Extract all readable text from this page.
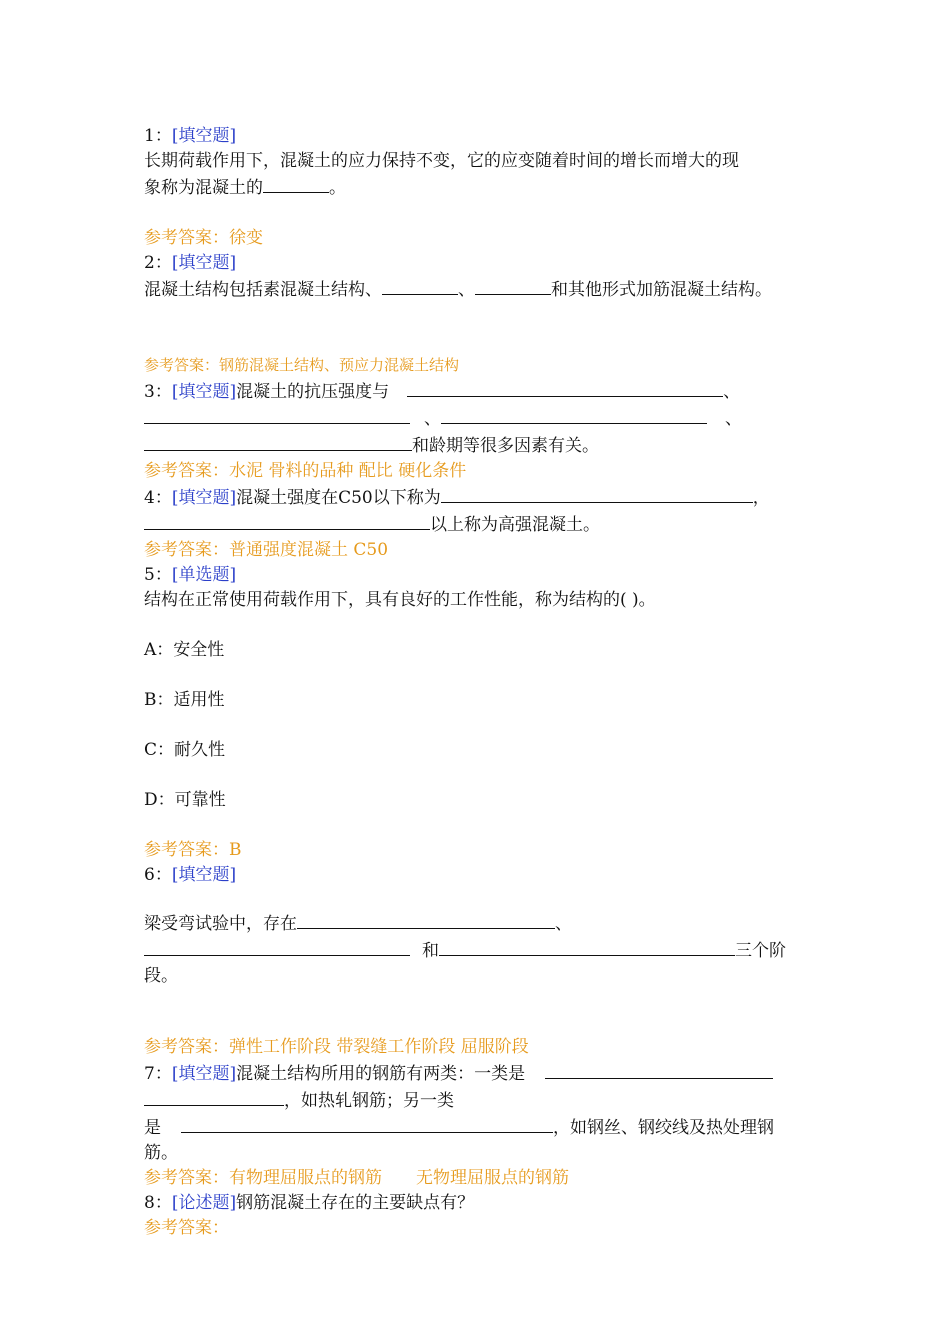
1：[填空题]
长期荷载作用下，混凝土的应力保持不变，它的应变随着时间的增长而增大的现
象称为混凝土的	。
参考答案：徐变
2：[填空题]
混凝土结构包括素混凝土结构、	、	和其他形式加筋混凝土结构。
参考答案：钢筋混凝土结构、预应力混凝土结构
3：[填空题]混凝土的抗压强度与	、
、	、
和龄期等很多因素有关。
参考答案：水泥 骨料的品种 配比 硬化条件
4：[填空题]混凝土强度在C50以下称为	，
以上称为高强混凝土。
参考答案：普通强度混凝土 C50
5：[单选题]
结构在正常使用荷载作用下，具有良好的工作性能，称为结构的( )。
A：安全性
B：适用性
C：耐久性
D：可靠性
参考答案：B
6：[填空题]
梁受弯试验中，存在	、
和	三个阶
段。
参考答案：弹性工作阶段 带裂缝工作阶段 屈服阶段
7：[填空题]混凝土结构所用的钢筋有两类：一类是
，如热轧钢筋；另一类
是	，如钢丝、钢绞线及热处理钢
筋。
参考答案：有物理屈服点的钢筋　　无物理屈服点的钢筋
8：[论述题]钢筋混凝土存在的主要缺点有？
参考答案：
